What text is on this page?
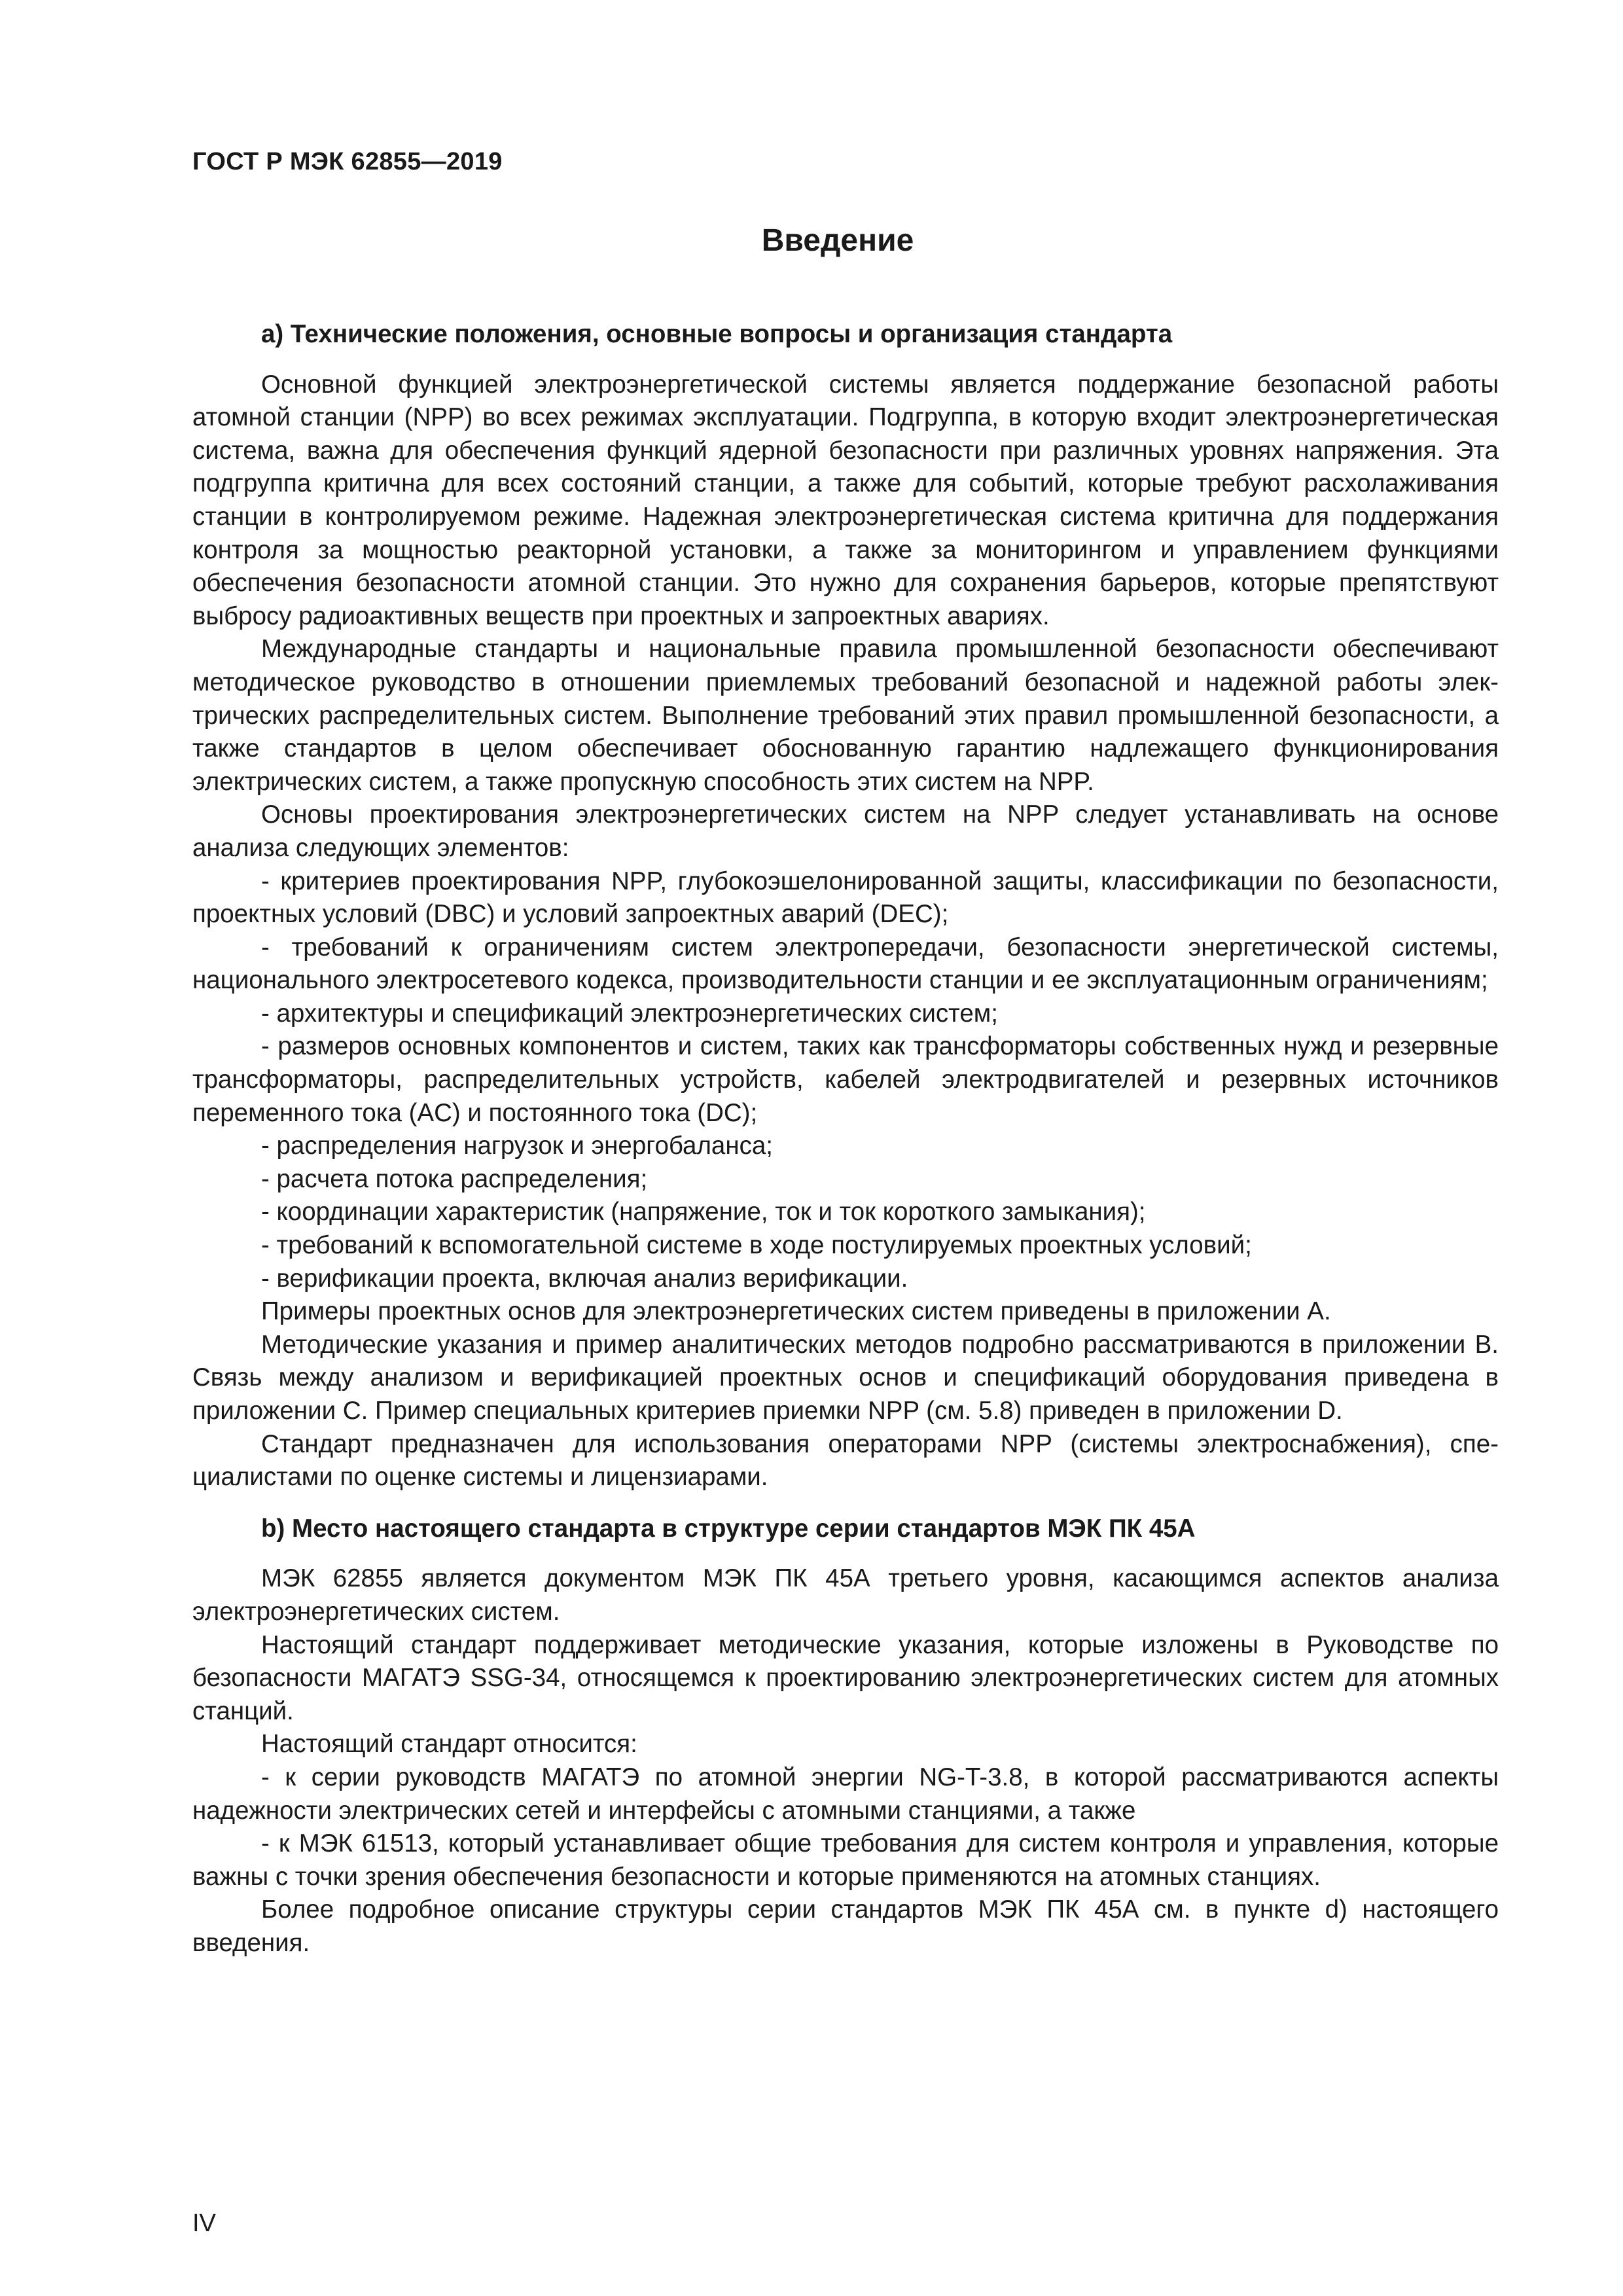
ГОСТ Р МЭК 62855—2019
Введение
a) Технические положения, основные вопросы и организация стандарта

Основной функцией электроэнергетической системы является поддержание безопасной работы атомной станции (NPP) во всех режимах эксплуатации. Подгруппа, в которую входит электроэнергетическая система, важна для обеспечения функций ядерной безопасности при различных уровнях напряжения. Эта подгруппа критична для всех состояний станции, а также для событий, которые требуют расхолаживания станции в контролируемом режиме. Надежная электроэнергетическая система критична для поддержания контроля за мощностью реакторной установки, а также за мониторингом и управлением функциями обеспечения безопасности атомной станции. Это нужно для сохранения барьеров, которые препятствуют выбросу радиоактивных веществ при проектных и запроектных авариях.

Международные стандарты и национальные правила промышленной безопасности обеспечивают методическое руководство в отношении приемлемых требований безопасной и надежной работы электрических распределительных систем. Выполнение требований этих правил промышленной безопасности, а также стандартов в целом обеспечивает обоснованную гарантию надлежащего функционирования электрических систем, а также пропускную способность этих систем на NPP.

Основы проектирования электроэнергетических систем на NPP следует устанавливать на основе анализа следующих элементов:

- критериев проектирования NPP, глубокоэшелонированной защиты, классификации по безопасности, проектных условий (DBC) и условий запроектных аварий (DEC);

- требований к ограничениям систем электропередачи, безопасности энергетической системы, национального электросетевого кодекса, производительности станции и ее эксплуатационным ограничениям;

- архитектуры и спецификаций электроэнергетических систем;

- размеров основных компонентов и систем, таких как трансформаторы собственных нужд и резервные трансформаторы, распределительных устройств, кабелей электродвигателей и резервных источников переменного тока (AC) и постоянного тока (DC);

- распределения нагрузок и энергобаланса;

- расчета потока распределения;

- координации характеристик (напряжение, ток и ток короткого замыкания);

- требований к вспомогательной системе в ходе постулируемых проектных условий;

- верификации проекта, включая анализ верификации.

Примеры проектных основ для электроэнергетических систем приведены в приложении А.

Методические указания и пример аналитических методов подробно рассматриваются в приложении В. Связь между анализом и верификацией проектных основ и спецификаций оборудования приведена в приложении С. Пример специальных критериев приемки NPP (см. 5.8) приведен в приложении D.

Стандарт предназначен для использования операторами NPP (системы электроснабжения), специалистами по оценке системы и лицензиарами.

b) Место настоящего стандарта в структуре серии стандартов МЭК ПК 45А

МЭК 62855 является документом МЭК ПК 45А третьего уровня, касающимся аспектов анализа электроэнергетических систем.

Настоящий стандарт поддерживает методические указания, которые изложены в Руководстве по безопасности МАГАТЭ SSG-34, относящемся к проектированию электроэнергетических систем для атомных станций.

Настоящий стандарт относится:

- к серии руководств МАГАТЭ по атомной энергии NG-T-3.8, в которой рассматриваются аспекты надежности электрических сетей и интерфейсы с атомными станциями, а также

- к МЭК 61513, который устанавливает общие требования для систем контроля и управления, которые важны с точки зрения обеспечения безопасности и которые применяются на атомных станциях.

Более подробное описание структуры серии стандартов МЭК ПК 45А см. в пункте d) настоящего введения.

IV
